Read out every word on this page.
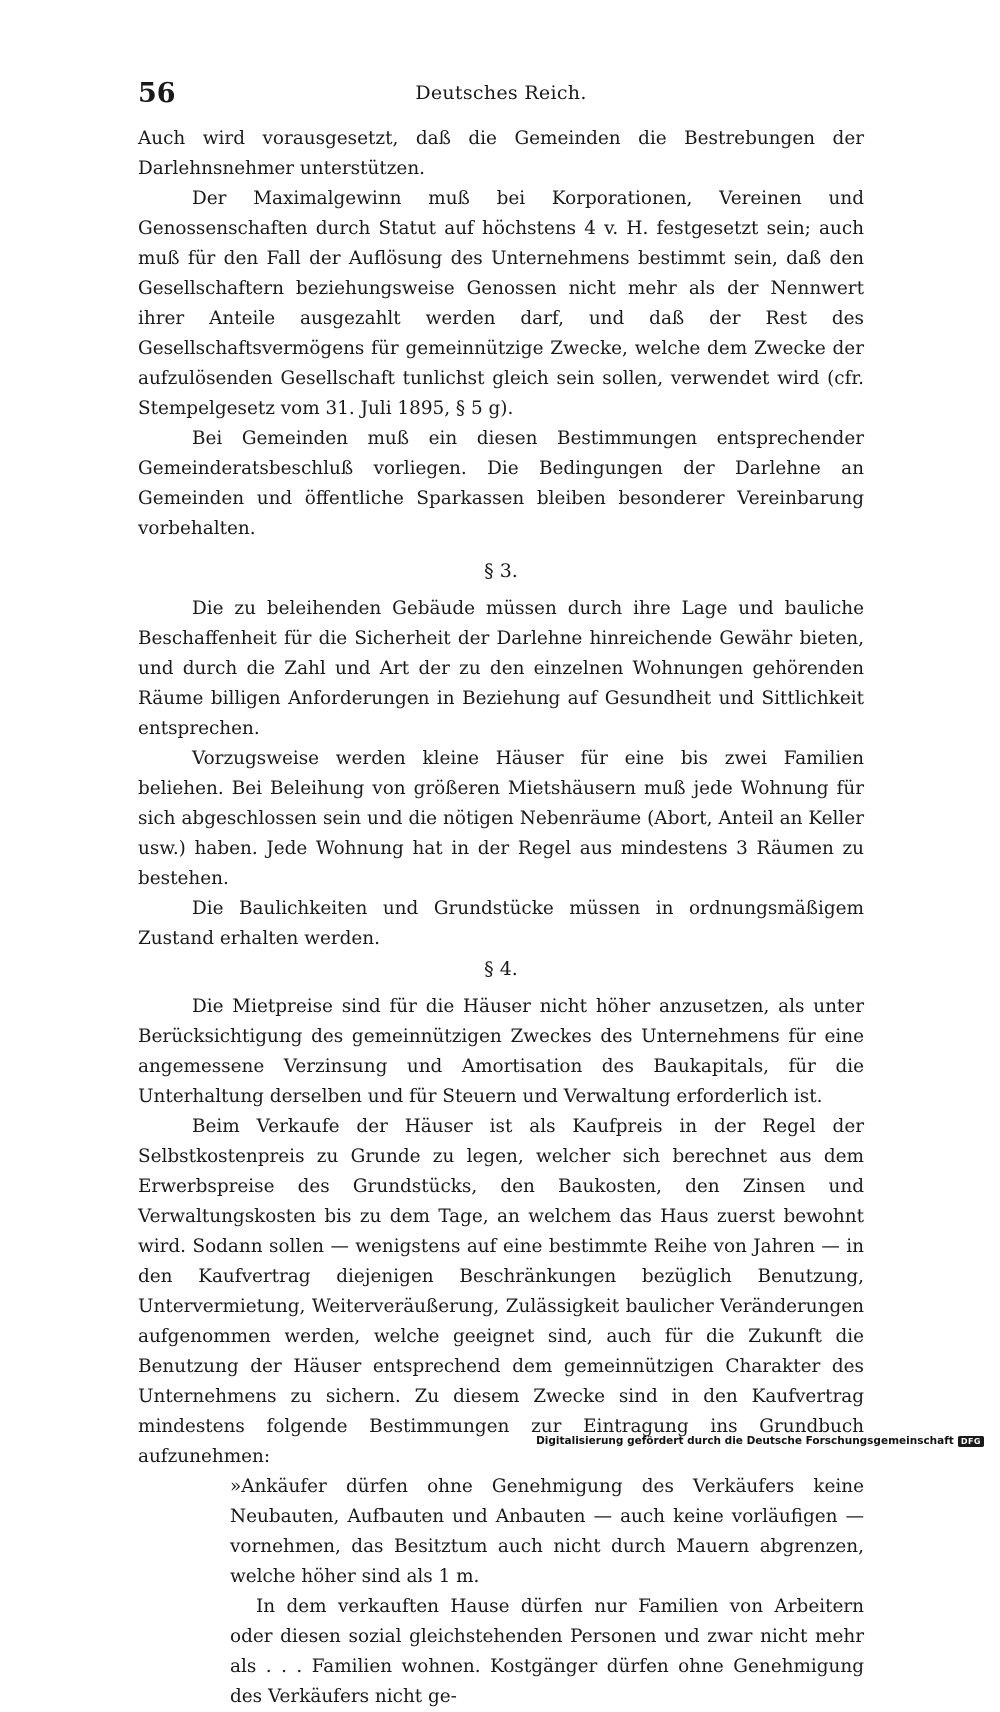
56	Deutsches Reich.

Auch wird vorausgesetzt, daß die Gemeinden die Bestrebungen der Darlehnsnehmer unterstützen.

Der Maximalgewinn muß bei Korporationen, Vereinen und Genossenschaften durch Statut auf höchstens 4 v. H. festgesetzt sein; auch muß für den Fall der Auflösung des Unternehmens bestimmt sein, daß den Gesellschaftern beziehungsweise Genossen nicht mehr als der Nennwert ihrer Anteile ausgezahlt werden darf, und daß der Rest des Gesellschaftsvermögens für gemeinnützige Zwecke, welche dem Zwecke der aufzulösenden Gesellschaft tunlichst gleich sein sollen, verwendet wird (cfr. Stempelgesetz vom 31. Juli 1895, § 5 g).

Bei Gemeinden muß ein diesen Bestimmungen entsprechender Gemeinderatsbeschluß vorliegen. Die Bedingungen der Darlehne an Gemeinden und öffentliche Sparkassen bleiben besonderer Vereinbarung vorbehalten.

§ 3.

Die zu beleihenden Gebäude müssen durch ihre Lage und bauliche Beschaffenheit für die Sicherheit der Darlehne hinreichende Gewähr bieten, und durch die Zahl und Art der zu den einzelnen Wohnungen gehörenden Räume billigen Anforderungen in Beziehung auf Gesundheit und Sittlichkeit entsprechen.

Vorzugsweise werden kleine Häuser für eine bis zwei Familien beliehen. Bei Beleihung von größeren Mietshäusern muß jede Wohnung für sich abgeschlossen sein und die nötigen Nebenräume (Abort, Anteil an Keller usw.) haben. Jede Wohnung hat in der Regel aus mindestens 3 Räumen zu bestehen.

Die Baulichkeiten und Grundstücke müssen in ordnungsmäßigem Zustand erhalten werden.

§ 4.

Die Mietpreise sind für die Häuser nicht höher anzusetzen, als unter Berücksichtigung des gemeinnützigen Zweckes des Unternehmens für eine angemessene Verzinsung und Amortisation des Baukapitals, für die Unterhaltung derselben und für Steuern und Verwaltung erforderlich ist.

Beim Verkaufe der Häuser ist als Kaufpreis in der Regel der Selbstkostenpreis zu Grunde zu legen, welcher sich berechnet aus dem Erwerbspreise des Grundstücks, den Baukosten, den Zinsen und Verwaltungskosten bis zu dem Tage, an welchem das Haus zuerst bewohnt wird. Sodann sollen — wenigstens auf eine bestimmte Reihe von Jahren — in den Kaufvertrag diejenigen Beschränkungen bezüglich Benutzung, Untervermietung, Weiterveräußerung, Zulässigkeit baulicher Veränderungen aufgenommen werden, welche geeignet sind, auch für die Zukunft die Benutzung der Häuser entsprechend dem gemeinnützigen Charakter des Unternehmens zu sichern. Zu diesem Zwecke sind in den Kaufvertrag mindestens folgende Bestimmungen zur Eintragung ins Grundbuch aufzunehmen:

»Ankäufer dürfen ohne Genehmigung des Verkäufers keine Neubauten, Aufbauten und Anbauten — auch keine vorläufigen — vornehmen, das Besitztum auch nicht durch Mauern abgrenzen, welche höher sind als 1 m.

In dem verkauften Hause dürfen nur Familien von Arbeitern oder diesen sozial gleichstehenden Personen und zwar nicht mehr als . . . Familien wohnen. Kostgänger dürfen ohne Genehmigung des Verkäufers nicht ge-

Digitalisierung gefördert durch die Deutsche Forschungsgemeinschaft DFG
